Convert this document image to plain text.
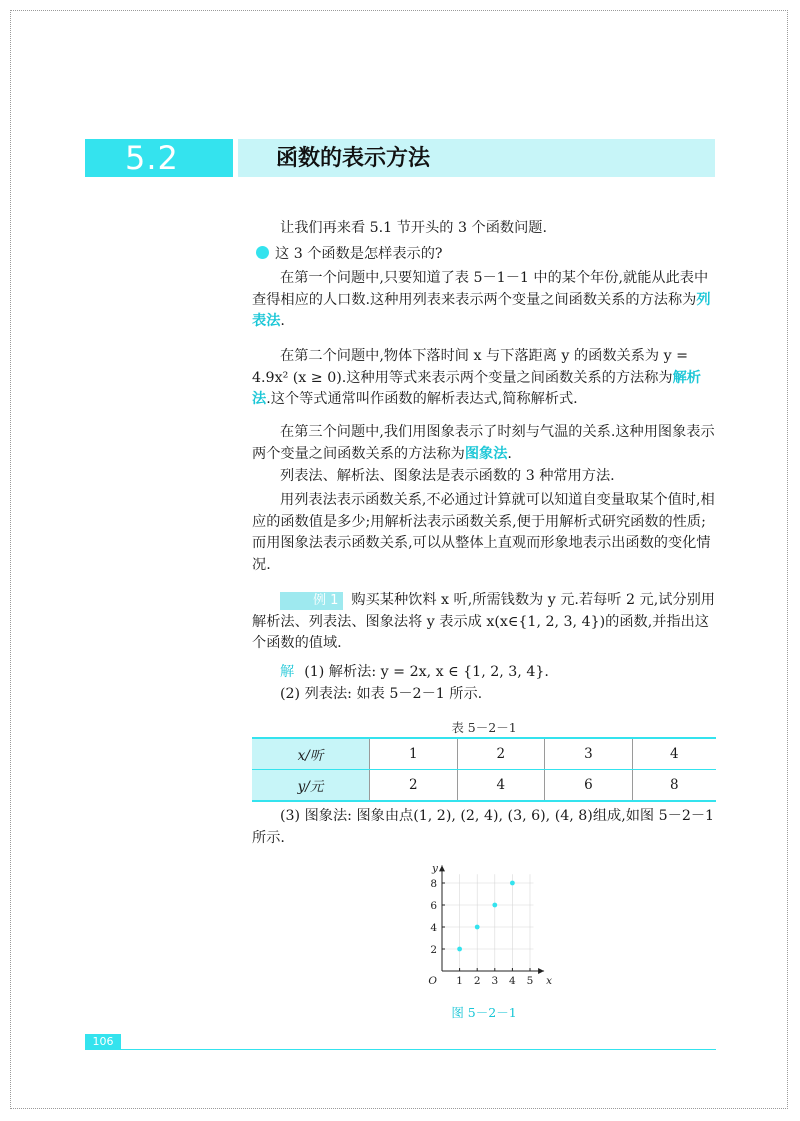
5.2	函数的表示方法

让我们再来看 5.1 节开头的 3 个函数问题.

这 3 个函数是怎样表示的?

在第一个问题中,只要知道了表 5－1－1 中的某个年份,就能从此表中查得相应的人口数.这种用列表来表示两个变量之间函数关系的方法称为列表法.

在第二个问题中,物体下落时间 x 与下落距离 y 的函数关系为 y = 4.9x² (x ≥ 0).这种用等式来表示两个变量之间函数关系的方法称为解析法.这个等式通常叫作函数的解析表达式,简称解析式.

在第三个问题中,我们用图象表示了时刻与气温的关系.这种用图象表示两个变量之间函数关系的方法称为图象法.

列表法、解析法、图象法是表示函数的 3 种常用方法.

用列表法表示函数关系,不必通过计算就可以知道自变量取某个值时,相应的函数值是多少;用解析法表示函数关系,便于用解析式研究函数的性质;而用图象法表示函数关系,可以从整体上直观而形象地表示出函数的变化情况.

例 1 购买某种饮料 x 听,所需钱数为 y 元.若每听 2 元,试分别用解析法、列表法、图象法将 y 表示成 x(x∈{1, 2, 3, 4})的函数,并指出这个函数的值域.

解 (1) 解析法: y = 2x, x ∈ {1, 2, 3, 4}.

(2) 列表法: 如表 5－2－1 所示.

表 5－2－1
x/听	1	2	3	4
y/元	2	4	6	8

(3) 图象法: 图象由点(1, 2), (2, 4), (3, 6), (4, 8)组成,如图 5－2－1 所示.

1 2 3 4 5
2
4
6
8
O	x
y
图 5－2－1
106
